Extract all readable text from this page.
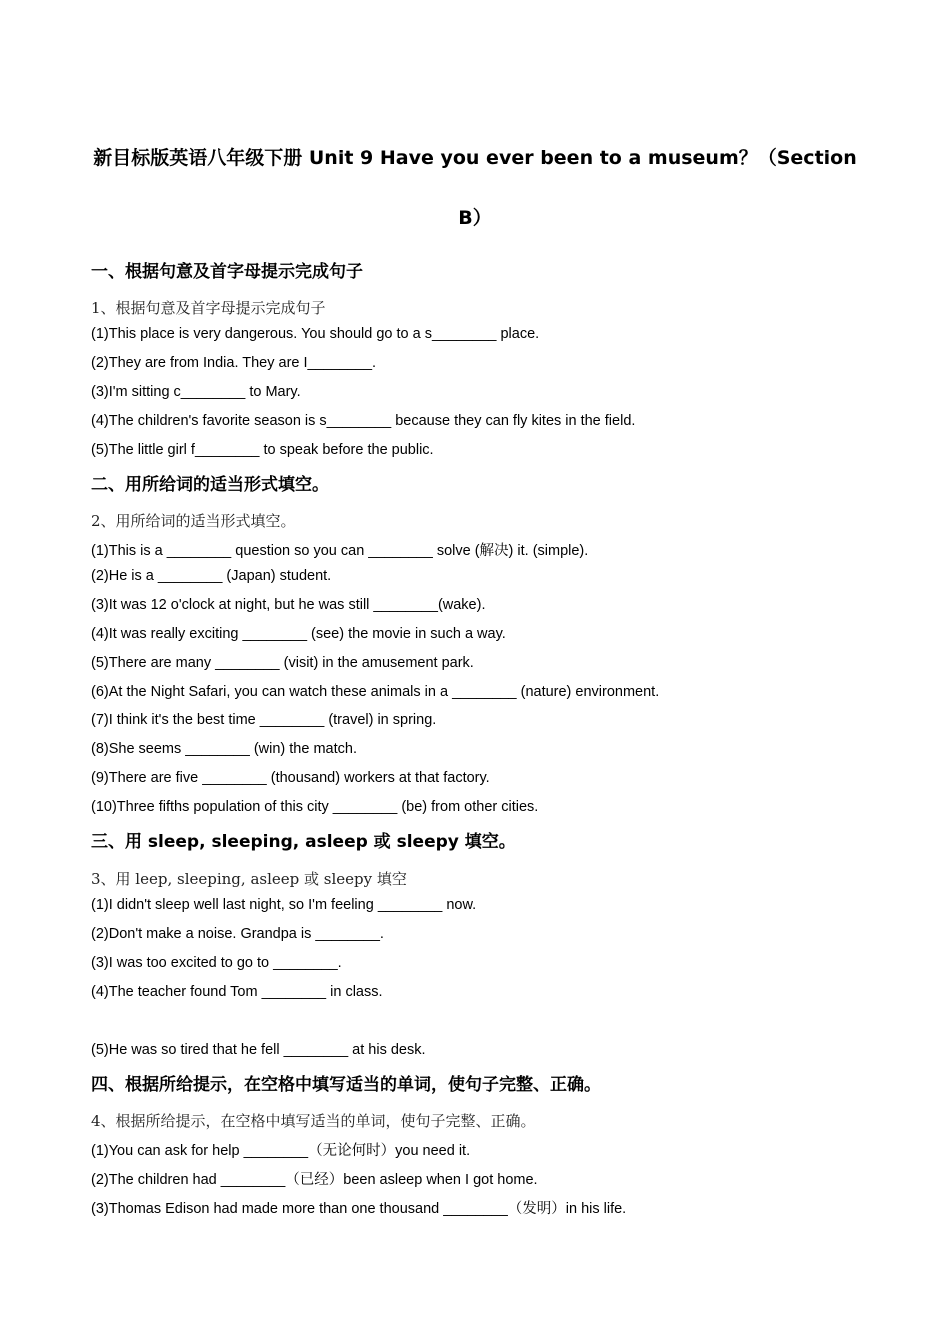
新目标版英语八年级下册 Unit 9 Have you ever been to a museum？（Section
B）
一、根据句意及首字母提示完成句子
1、根据句意及首字母提示完成句子
(1)This place is very dangerous. You should go to a s________ place.
(2)They are from India. They are I________.
(3)I'm sitting c________ to Mary.
(4)The children's favorite season is s________ because they can fly kites in the field.
(5)The little girl f________ to speak before the public.
二、用所给词的适当形式填空。
2、用所给词的适当形式填空。
(1)This is a ________ question so you can ________ solve (解决) it. (simple).
(2)He is a ________ (Japan) student.
(3)It was 12 o'clock at night, but he was still ________(wake).
(4)It was really exciting ________ (see) the movie in such a way.
(5)There are many ________ (visit) in the amusement park.
(6)At the Night Safari, you can watch these animals in a ________ (nature) environment.
(7)I think it's the best time ________ (travel) in spring.
(8)She seems ________ (win) the match.
(9)There are five ________ (thousand) workers at that factory.
(10)Three fifths population of this city ________ (be) from other cities.
三、用 sleep, sleeping, asleep 或 sleepy 填空。
3、用 leep, sleeping, asleep 或 sleepy 填空
(1)I didn't sleep well last night, so I'm feeling ________ now.
(2)Don't make a noise. Grandpa is ________.
(3)I was too excited to go to ________.
(4)The teacher found Tom ________ in class.
(5)He was so tired that he fell ________ at his desk.
四、根据所给提示，在空格中填写适当的单词，使句子完整、正确。
4、根据所给提示，在空格中填写适当的单词，使句子完整、正确。
(1)You can ask for help ________（无论何时）you need it.
(2)The children had ________（已经）been asleep when I got home.
(3)Thomas Edison had made more than one thousand ________（发明）in his life.
